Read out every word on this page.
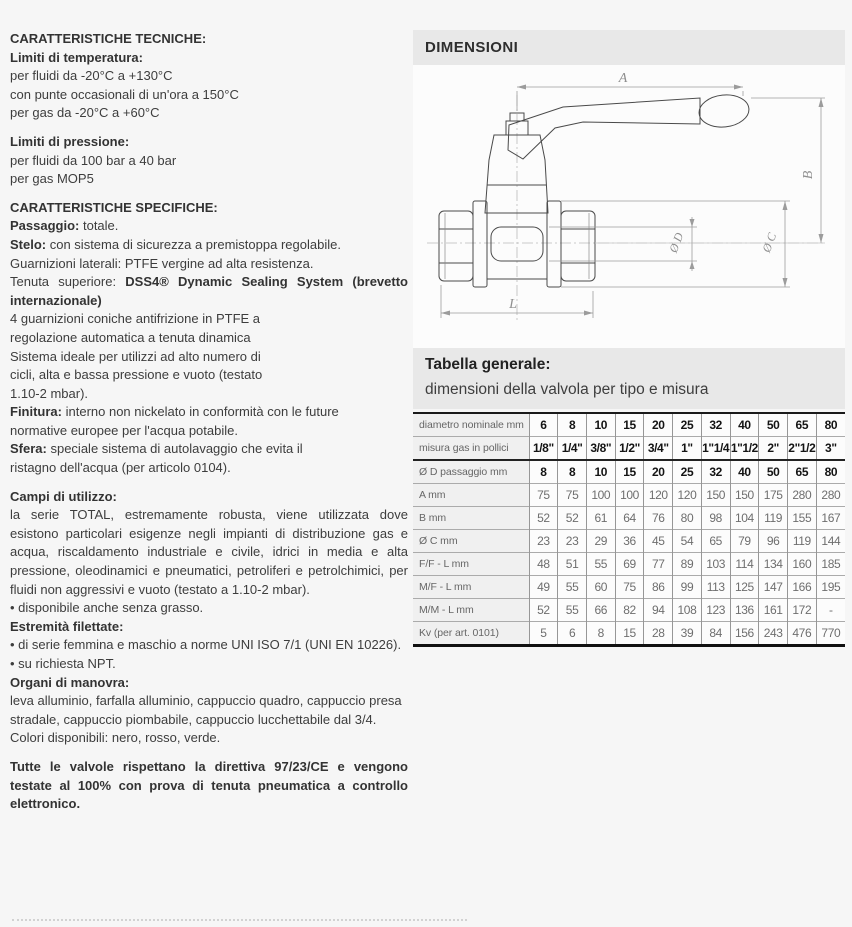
CARATTERISTICHE TECNICHE:

Limiti di temperatura:

per fluidi da -20°C a +130°C

con punte occasionali di un'ora a 150°C

per gas da -20°C a +60°C

Limiti di pressione:

per fluidi da 100 bar a 40 bar

per gas MOP5

CARATTERISTICHE SPECIFICHE:

Passaggio: totale.

Stelo: con sistema di sicurezza a premistoppa regolabile.

Guarnizioni laterali: PTFE vergine ad alta resistenza.

Tenuta superiore: DSS4® Dynamic Sealing System (brevetto internazionale)

4 guarnizioni coniche antifrizione in PTFE a

regolazione automatica a tenuta dinamica

Sistema ideale per utilizzi ad alto numero di

cicli, alta e bassa pressione e vuoto (testato

1.10-2 mbar).

Finitura: interno non nickelato in conformità con le future

normative europee per l'acqua potabile.

Sfera: speciale sistema di autolavaggio che evita il

ristagno dell'acqua (per articolo 0104).

Campi di utilizzo:

la serie TOTAL, estremamente robusta, viene utilizzata dove esistono particolari esigenze negli impianti di distribuzione gas e acqua, riscaldamento industriale e civile, idrici in media e alta pressione, oleodinamici e pneumatici, petroliferi e petrolchimici, per fluidi non aggressivi e vuoto (testato a 1.10-2 mbar).

• disponibile anche senza grasso.

Estremità filettate:

• di serie femmina e maschio a norme UNI ISO 7/1 (UNI EN 10226).

• su richiesta NPT.

Organi di manovra:

leva alluminio, farfalla alluminio, cappuccio quadro, cappuccio presa

stradale, cappuccio piombabile, cappuccio lucchettabile dal 3/4.

Colori disponibili: nero, rosso, verde.

Tutte le valvole rispettano la direttiva 97/23/CE e vengono testate al 100% con prova di tenuta pneumatica a controllo elettronico.

DIMENSIONI
A
B
Ø D	Ø C
L

Tabella generale:

dimensioni della valvola per tipo e misura

diametro nominale mm	6	8	10	15	20	25	32	40	50	65	80
misura gas in pollici	1/8"	1/4"	3/8"	1/2"	3/4"	1"	1"1/4	1"1/2	2"	2"1/2	3"
Ø D passaggio mm	8	8	10	15	20	25	32	40	50	65	80
A mm	75	75	100	100	120	120	150	150	175	280	280
B mm	52	52	61	64	76	80	98	104	119	155	167
Ø C mm	23	23	29	36	45	54	65	79	96	119	144
F/F - L mm	48	51	55	69	77	89	103	114	134	160	185
M/F - L mm	49	55	60	75	86	99	113	125	147	166	195
M/M - L mm	52	55	66	82	94	108	123	136	161	172	-
Kv (per art. 0101)	5	6	8	15	28	39	84	156	243	476	770
